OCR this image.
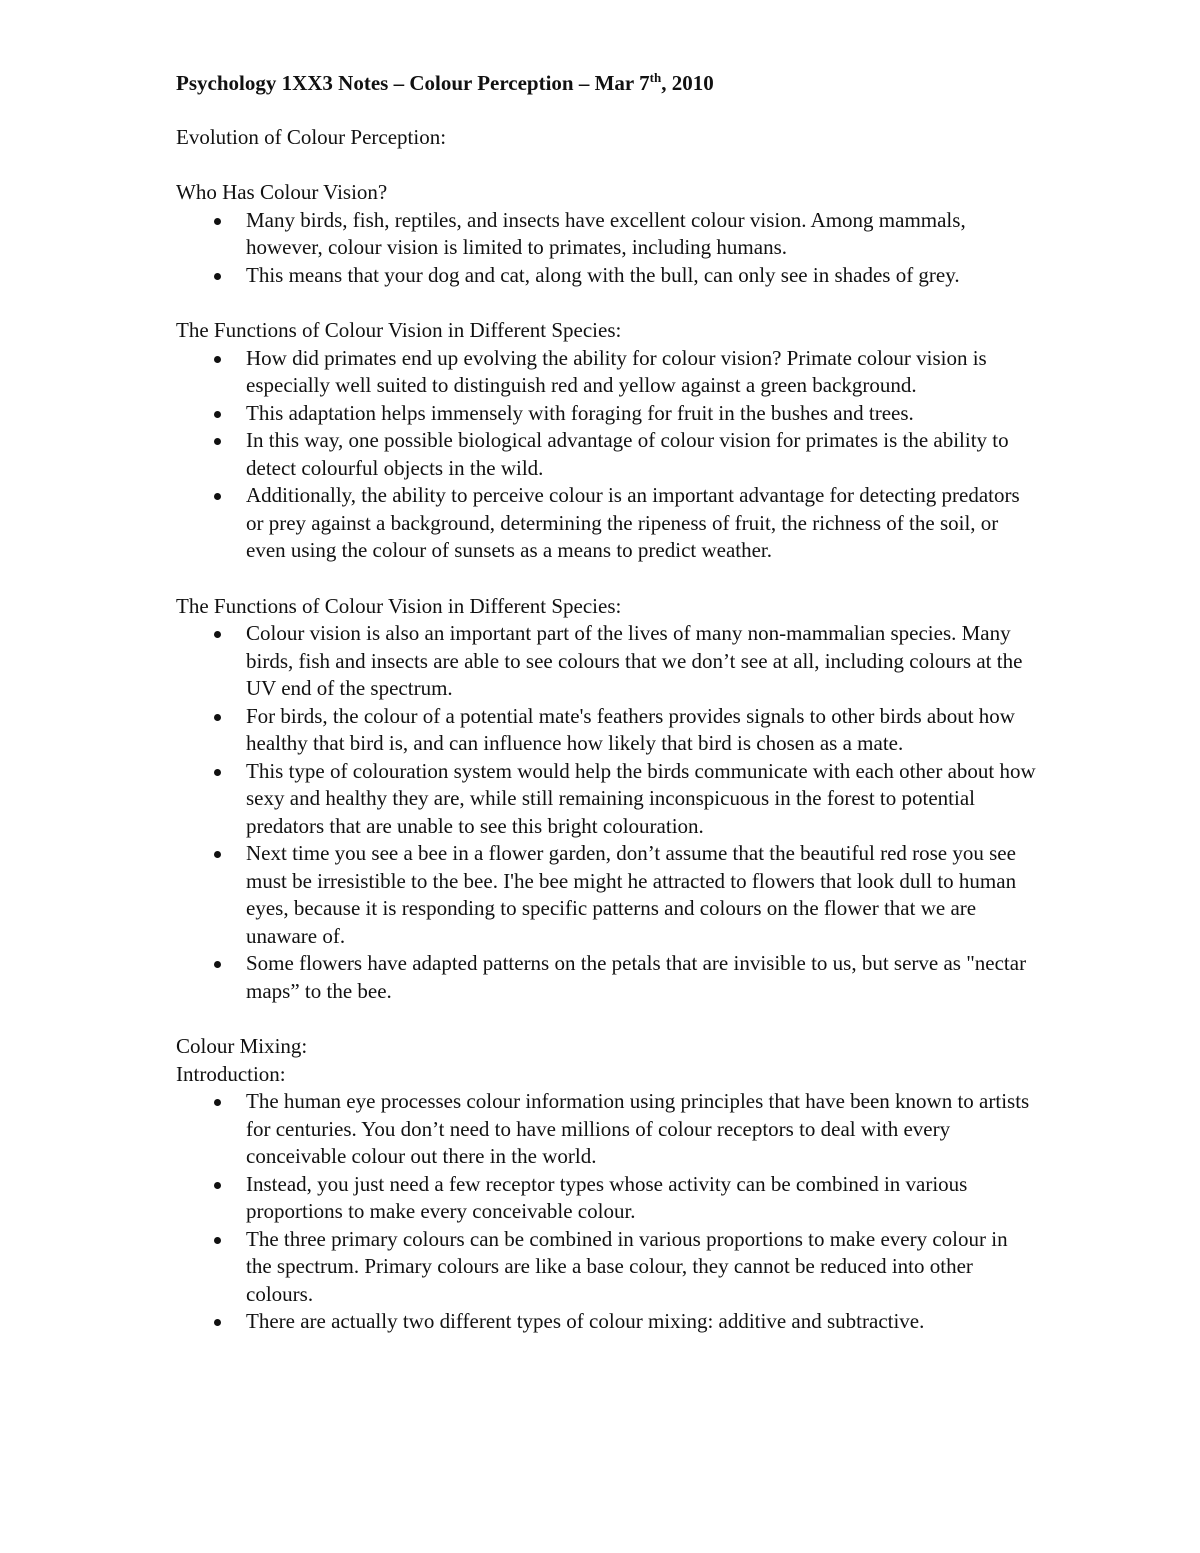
Psychology 1XX3 Notes – Colour Perception – Mar 7th, 2010
Evolution of Colour Perception:
Who Has Colour Vision?
Many birds, fish, reptiles, and insects have excellent colour vision. Among mammals, however, colour vision is limited to primates, including humans.
This means that your dog and cat, along with the bull, can only see in shades of grey.
The Functions of Colour Vision in Different Species:
How did primates end up evolving the ability for colour vision? Primate colour vision is especially well suited to distinguish red and yellow against a green background.
This adaptation helps immensely with foraging for fruit in the bushes and trees.
In this way, one possible biological advantage of colour vision for primates is the ability to detect colourful objects in the wild.
Additionally, the ability to perceive colour is an important advantage for detecting predators or prey against a background, determining the ripeness of fruit, the richness of the soil, or even using the colour of sunsets as a means to predict weather.
The Functions of Colour Vision in Different Species:
Colour vision is also an important part of the lives of many non-mammalian species. Many birds, fish and insects are able to see colours that we don’t see at all, including colours at the UV end of the spectrum.
For birds, the colour of a potential mate's feathers provides signals to other birds about how healthy that bird is, and can influence how likely that bird is chosen as a mate.
This type of colouration system would help the birds communicate with each other about how sexy and healthy they are, while still remaining inconspicuous in the forest to potential predators that are unable to see this bright colouration.
Next time you see a bee in a flower garden, don’t assume that the beautiful red rose you see must be irresistible to the bee. I'he bee might he attracted to flowers that look dull to human eyes, because it is responding to specific patterns and colours on the flower that we are unaware of.
Some flowers have adapted patterns on the petals that are invisible to us, but serve as "nectar maps” to the bee.
Colour Mixing:
Introduction:
The human eye processes colour information using principles that have been known to artists for centuries. You don’t need to have millions of colour receptors to deal with every conceivable colour out there in the world.
Instead, you just need a few receptor types whose activity can be combined in various proportions to make every conceivable colour.
The three primary colours can be combined in various proportions to make every colour in the spectrum. Primary colours are like a base colour, they cannot be reduced into other colours.
There are actually two different types of colour mixing: additive and subtractive.
